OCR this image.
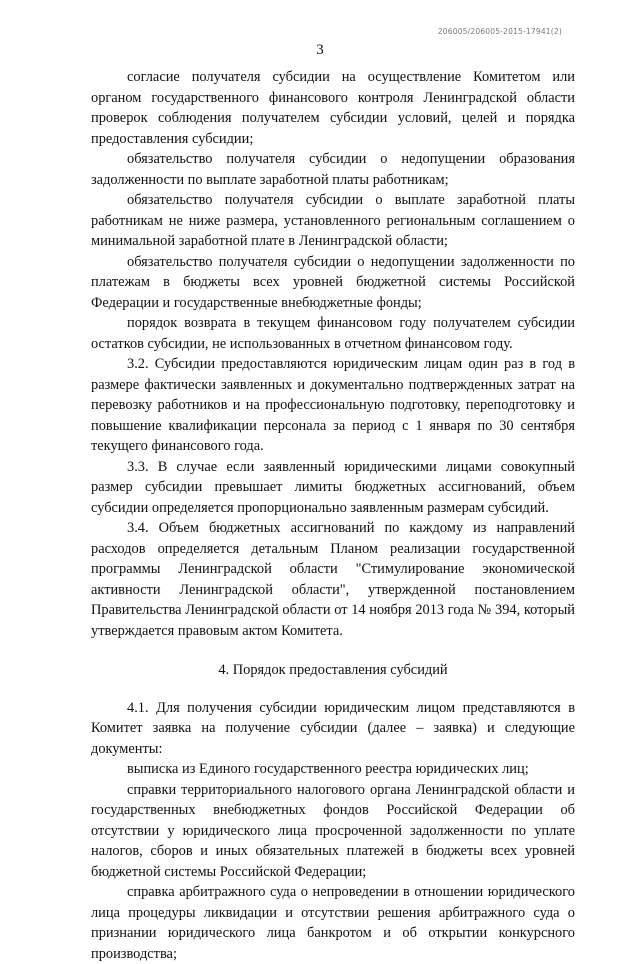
206005/206005-2015-17941(2)
3

согласие получателя субсидии на осуществление Комитетом или органом государственного финансового контроля Ленинградской области проверок соблюдения получателем субсидии условий, целей и порядка предоставления субсидии;

обязательство получателя субсидии о недопущении образования задолженности по выплате заработной платы работникам;

обязательство получателя субсидии о выплате заработной платы работникам не ниже размера, установленного региональным соглашением о минимальной заработной плате в Ленинградской области;

обязательство получателя субсидии о недопущении задолженности по платежам в бюджеты всех уровней бюджетной системы Российской Федерации и государственные внебюджетные фонды;

порядок возврата в текущем финансовом году получателем субсидии остатков субсидии, не использованных в отчетном финансовом году.

3.2. Субсидии предоставляются юридическим лицам один раз в год в размере фактически заявленных и документально подтвержденных затрат на перевозку работников и на профессиональную подготовку, переподготовку и повышение квалификации персонала за период с 1 января по 30 сентября текущего финансового года.

3.3. В случае если заявленный юридическими лицами совокупный размер субсидии превышает лимиты бюджетных ассигнований, объем субсидии определяется пропорционально заявленным размерам субсидий.

3.4. Объем бюджетных ассигнований по каждому из направлений расходов определяется детальным Планом реализации государственной программы Ленинградской области "Стимулирование экономической активности Ленинградской области", утвержденной постановлением Правительства Ленинградской области от 14 ноября 2013 года № 394, который утверждается правовым актом Комитета.

4. Порядок предоставления субсидий

4.1. Для получения субсидии юридическим лицом представляются в Комитет заявка на получение субсидии (далее – заявка) и следующие документы:

выписка из Единого государственного реестра юридических лиц;

справки территориального налогового органа Ленинградской области и государственных внебюджетных фондов Российской Федерации об отсутствии у юридического лица просроченной задолженности по уплате налогов, сборов и иных обязательных платежей в бюджеты всех уровней бюджетной системы Российской Федерации;

справка арбитражного суда о непроведении в отношении юридического лица процедуры ликвидации и отсутствии решения арбитражного суда о признании юридического лица банкротом и об открытии конкурсного производства;
